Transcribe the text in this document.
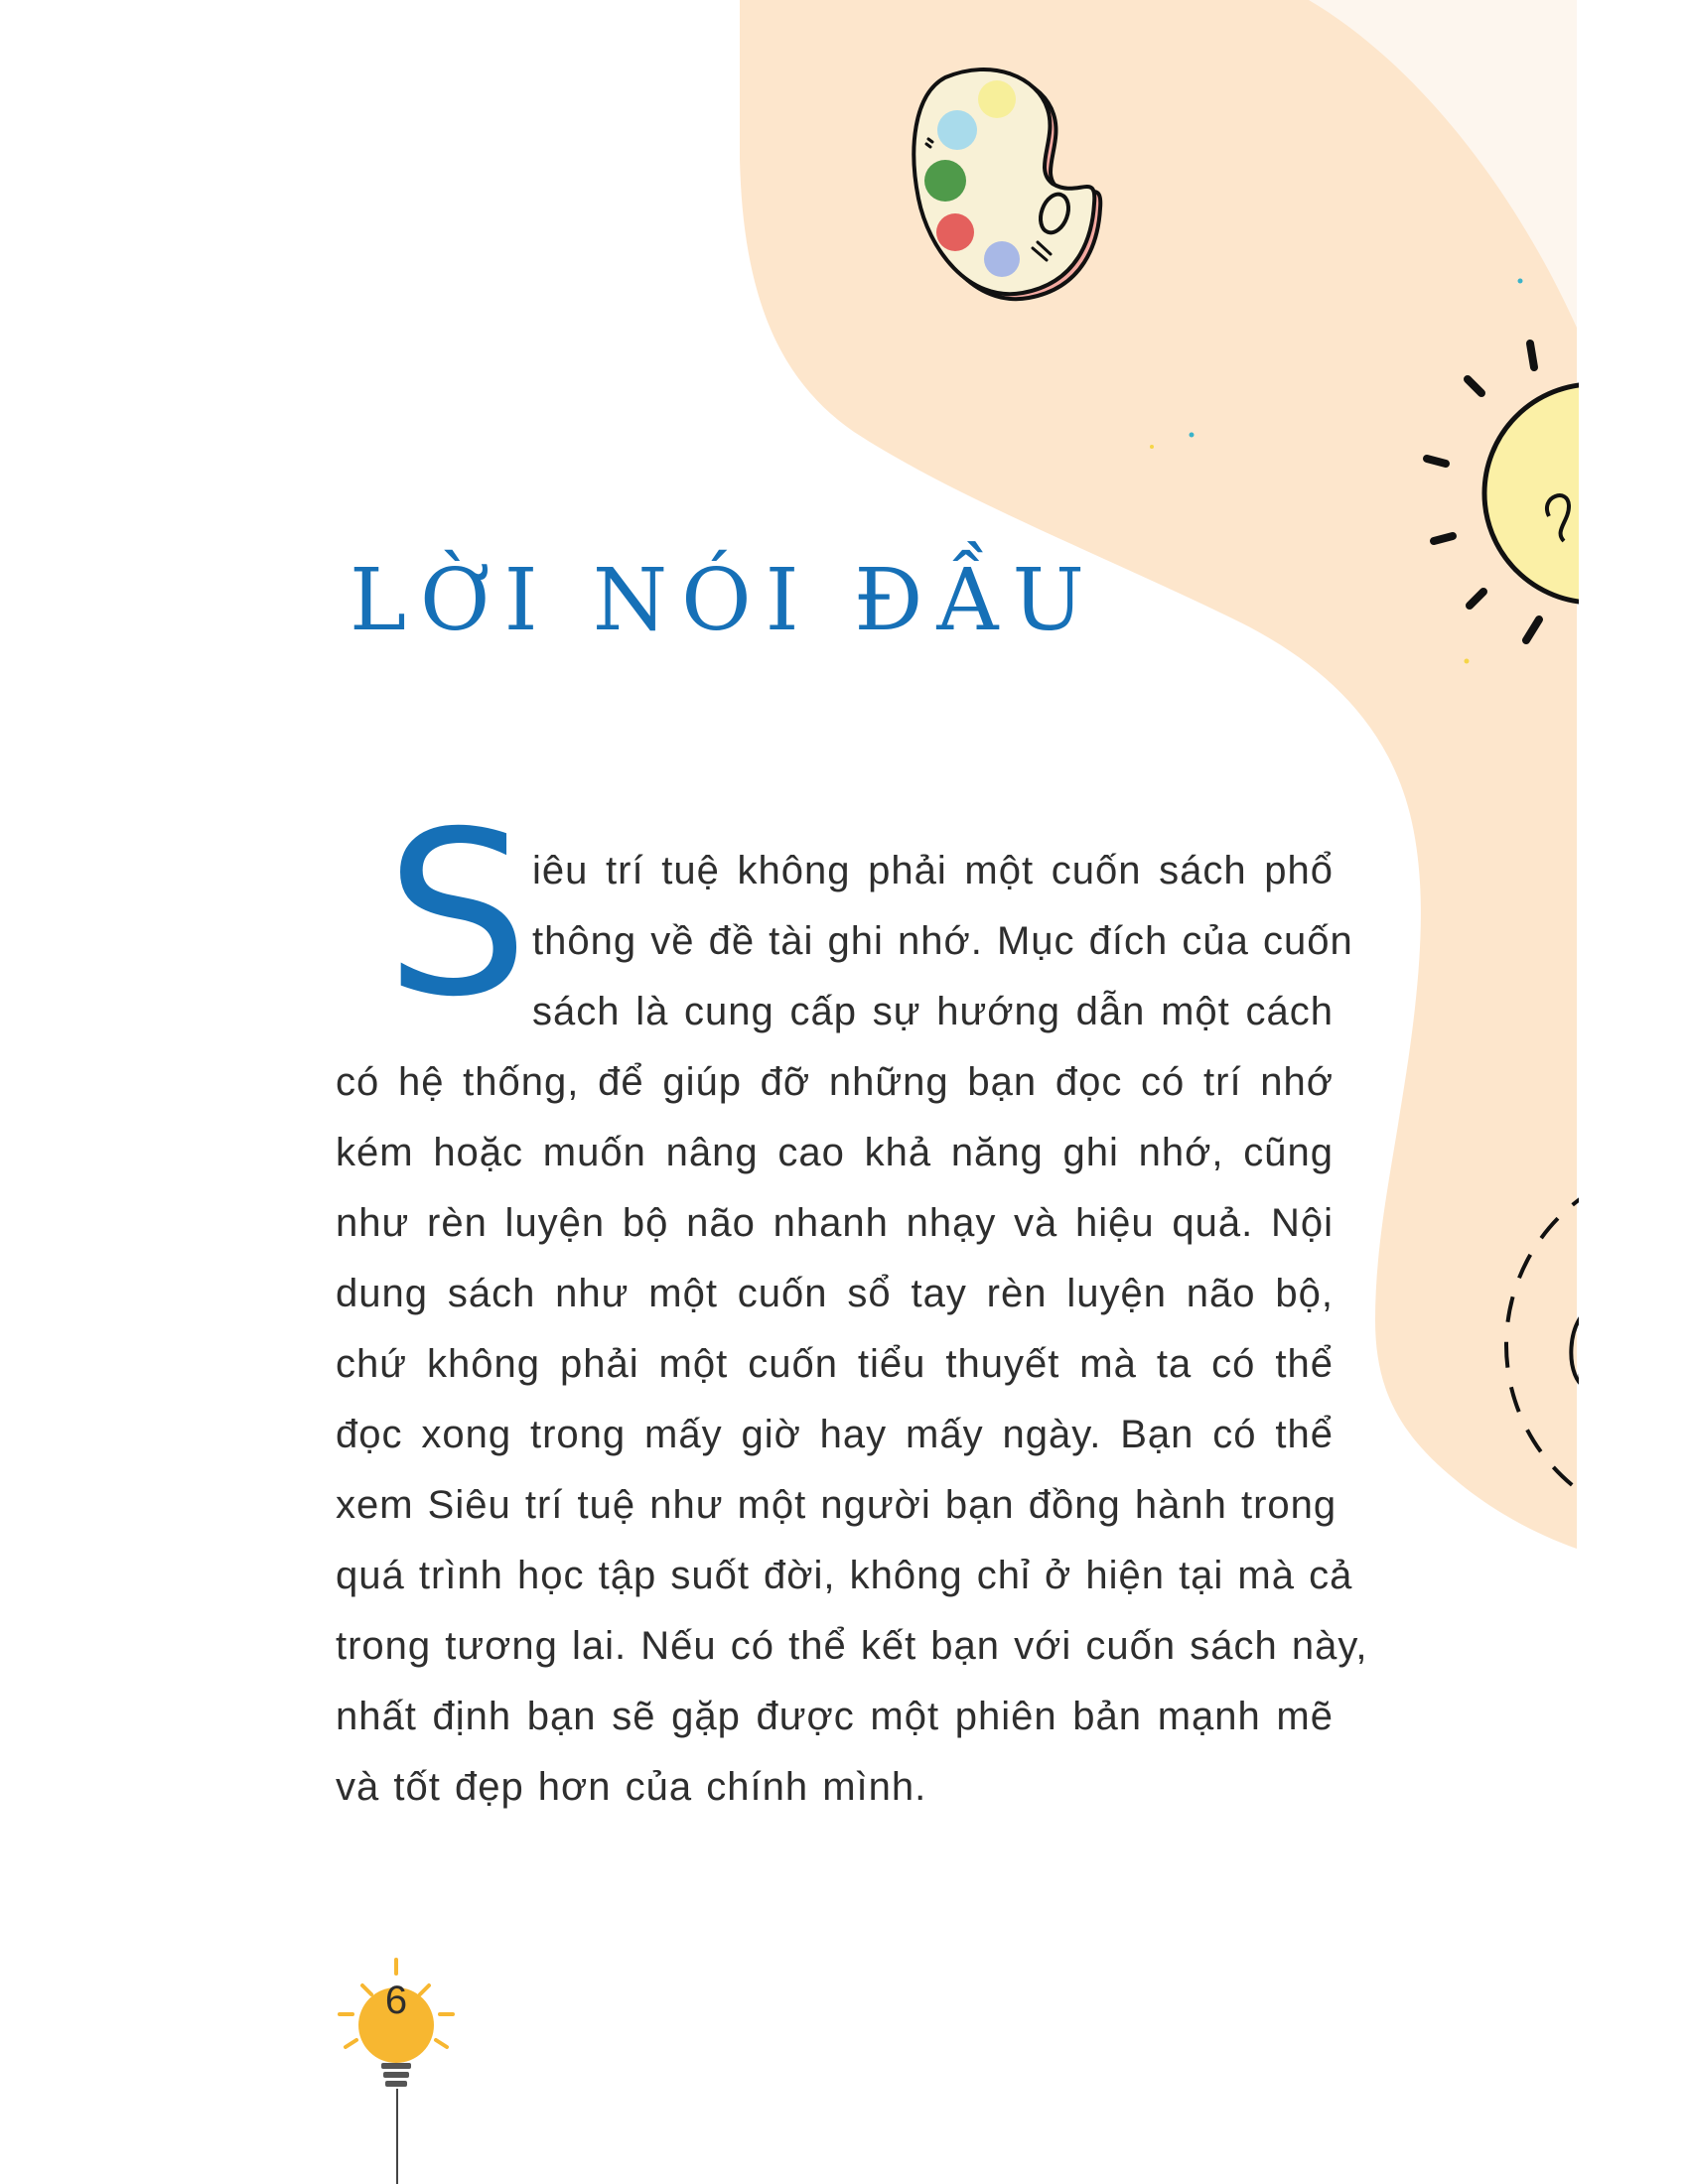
LỜI NÓI ĐẦU
S iêu trí tuệ không phải một cuốn sách phổ
thông về đề tài ghi nhớ. Mục đích của cuốn
sách là cung cấp sự hướng dẫn một cách
có hệ thống, để giúp đỡ những bạn đọc có trí nhớ
kém hoặc muốn nâng cao khả năng ghi nhớ, cũng
như rèn luyện bộ não nhanh nhạy và hiệu quả. Nội
dung sách như một cuốn sổ tay rèn luyện não bộ,
chứ không phải một cuốn tiểu thuyết mà ta có thể
đọc xong trong mấy giờ hay mấy ngày. Bạn có thể
xem Siêu trí tuệ như một người bạn đồng hành trong
quá trình học tập suốt đời, không chỉ ở hiện tại mà cả
trong tương lai. Nếu có thể kết bạn với cuốn sách này,
nhất định bạn sẽ gặp được một phiên bản mạnh mẽ
và tốt đẹp hơn của chính mình.
6
